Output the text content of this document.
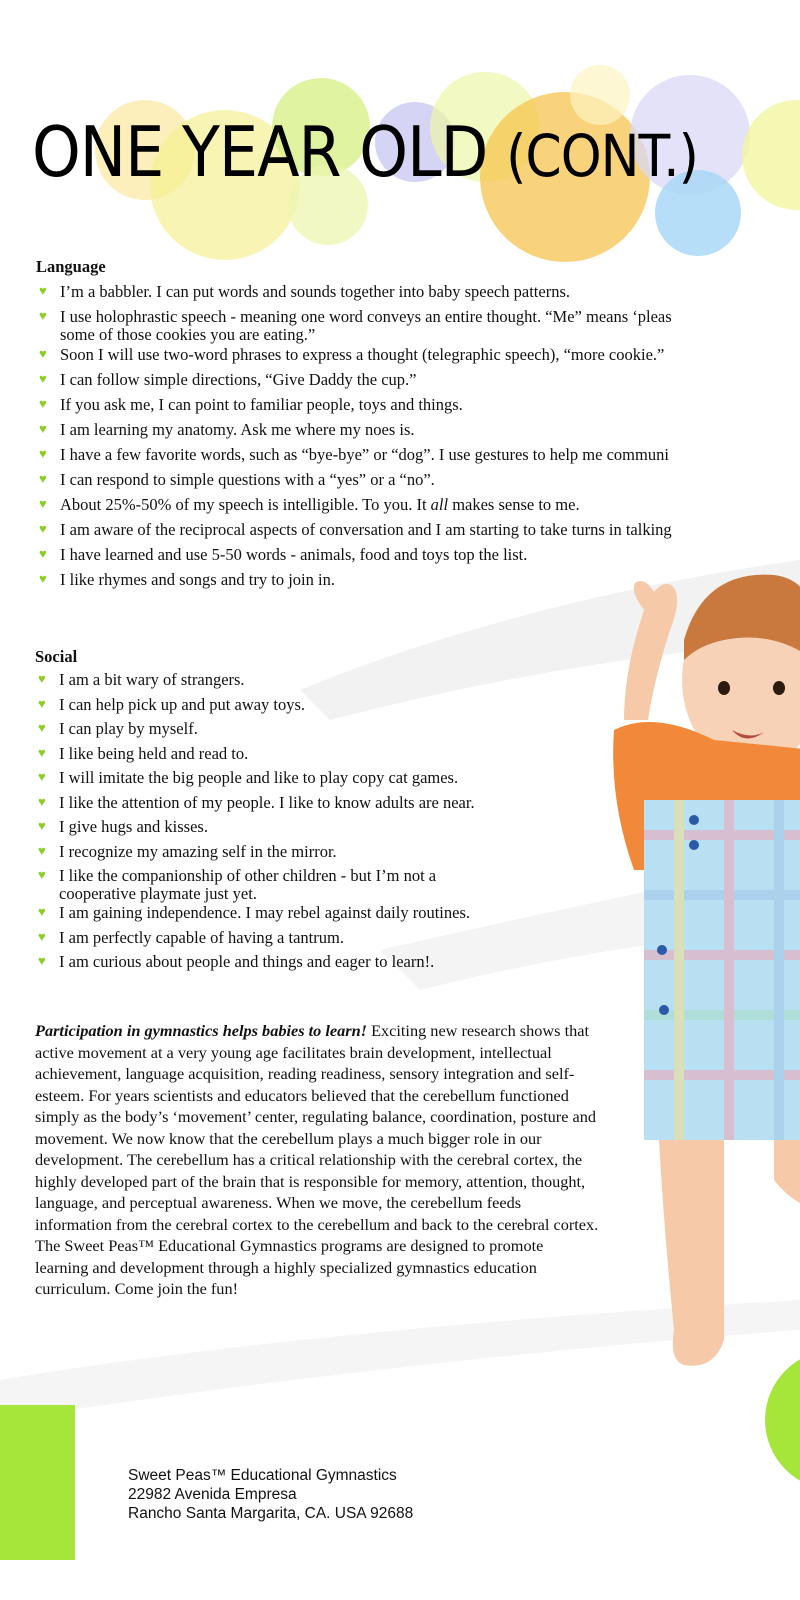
ONE YEAR OLD (CONT.)
Language
♥ I’m a babbler. I can put words and sounds together into baby speech patterns.
♥ I use holophrastic speech - meaning one word conveys an entire thought. “Me” means ‘pleas
some of those cookies you are eating.”
♥ Soon I will use two-word phrases to express a thought (telegraphic speech), “more cookie.”
♥ I can follow simple directions, “Give Daddy the cup.”
♥ If you ask me, I can point to familiar people, toys and things.
♥ I am learning my anatomy. Ask me where my noes is.
♥ I have a few favorite words, such as “bye-bye” or “dog”. I use gestures to help me communi
♥ I can respond to simple questions with a “yes” or a “no”.
♥ About 25%-50% of my speech is intelligible. To you. It all makes sense to me.
♥ I am aware of the reciprocal aspects of conversation and I am starting to take turns in talking
♥ I have learned and use 5-50 words - animals, food and toys top the list.
♥ I like rhymes and songs and try to join in.
Social
♥ I am a bit wary of strangers.
♥ I can help pick up and put away toys.
♥ I can play by myself.
♥ I like being held and read to.
♥ I will imitate the big people and like to play copy cat games.
♥ I like the attention of my people. I like to know adults are near.
♥ I give hugs and kisses.
♥ I recognize my amazing self in the mirror.
♥ I like the companionship of other children - but I’m not a
cooperative playmate just yet.
♥ I am gaining independence. I may rebel against daily routines.
♥ I am perfectly capable of having a tantrum.
♥ I am curious about people and things and eager to learn!.

Participation in gymnastics helps babies to learn! Exciting new research shows that active movement at a very young age facilitates brain development, intellectual achievement, language acquisition, reading readiness, sensory integration and self-esteem. For years scientists and educators believed that the cerebellum functioned simply as the body’s ‘movement’ center, regulating balance, coordination, posture and movement. We now know that the cerebellum plays a much bigger role in our development. The cerebellum has a critical relationship with the cerebral cortex, the highly developed part of the brain that is responsible for memory, attention, thought, language, and perceptual awareness. When we move, the cerebellum feeds information from the cerebral cortex to the cerebellum and back to the cerebral cortex. The Sweet Peas™ Educational Gymnastics programs are designed to promote learning and development through a highly specialized gymnastics education curriculum. Come join the fun!

Sweet Peas™ Educational Gymnastics
22982 Avenida Empresa
Rancho Santa Margarita, CA. USA 92688
